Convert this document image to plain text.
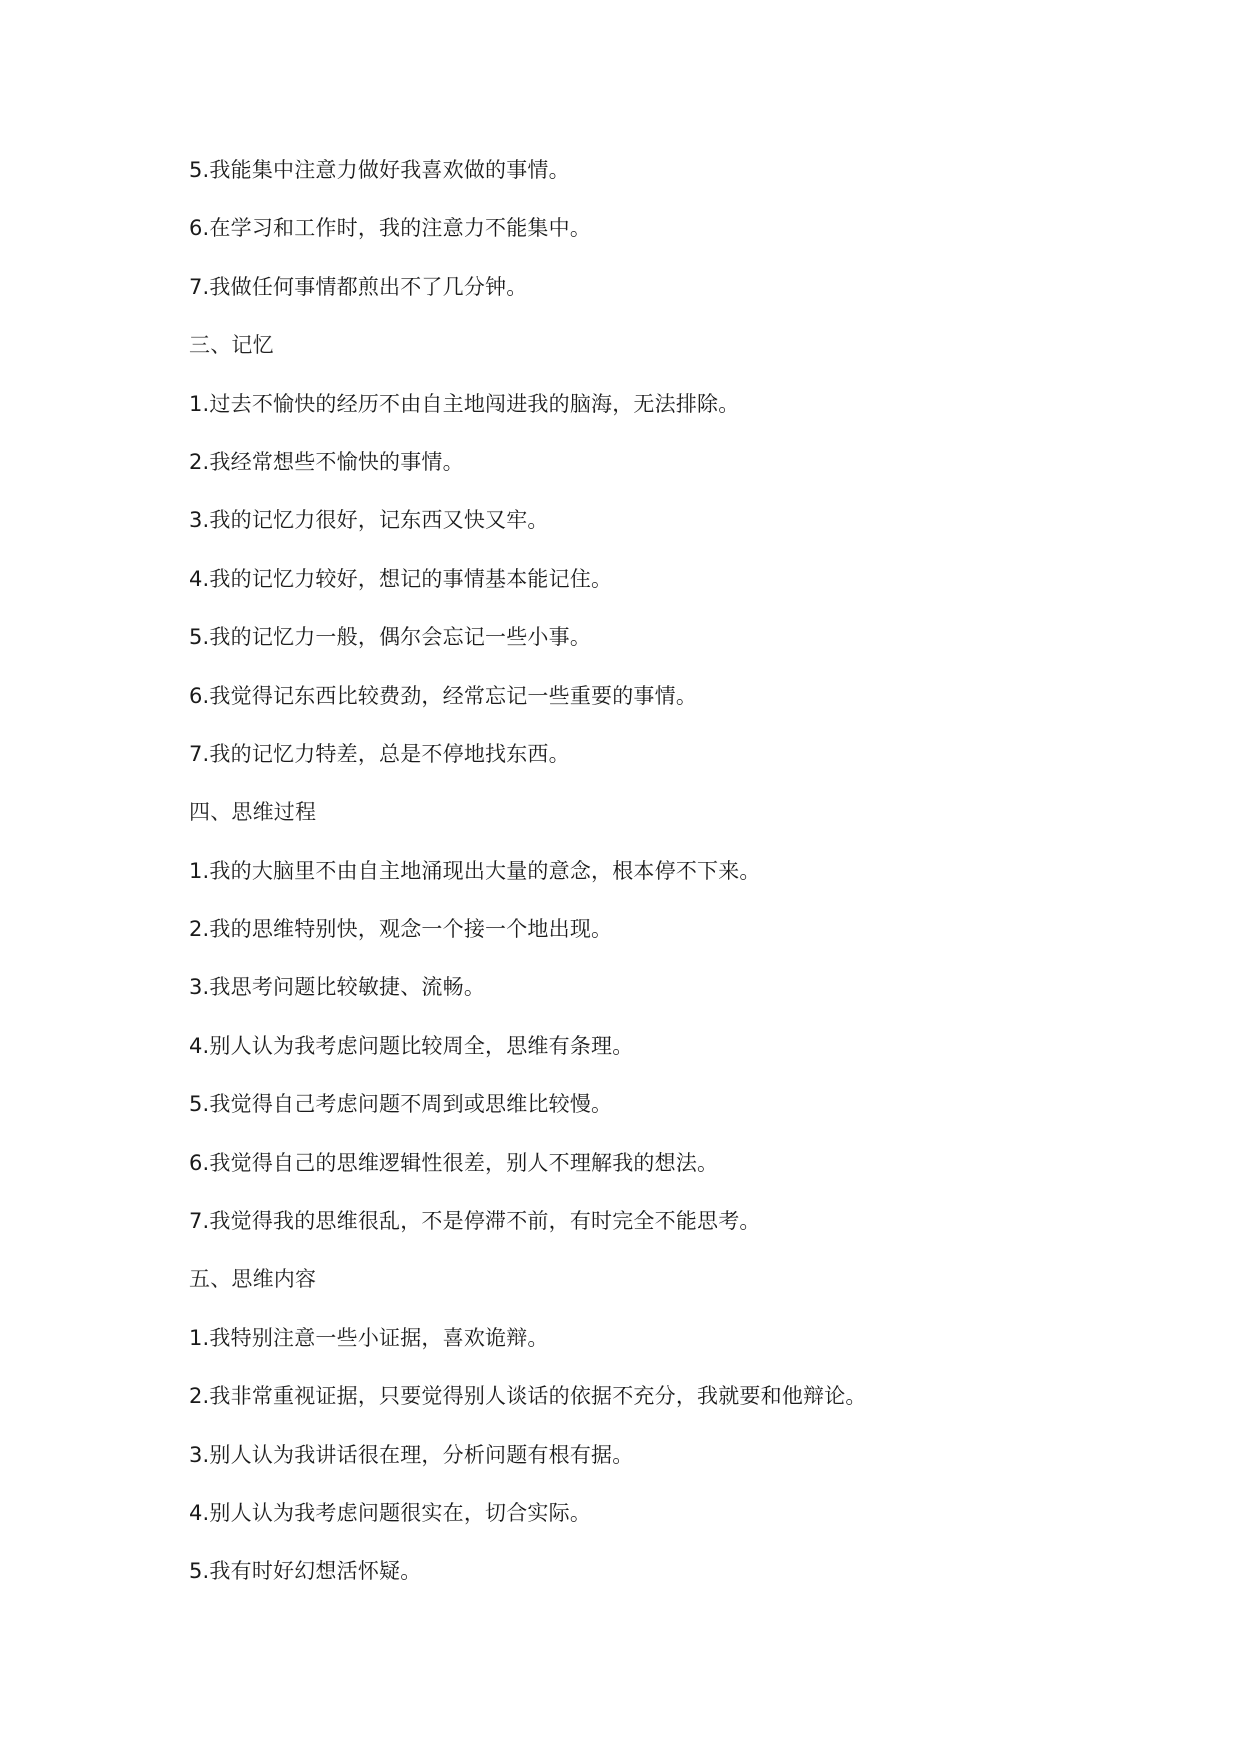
5.我能集中注意力做好我喜欢做的事情。
6.在学习和工作时，我的注意力不能集中。
7.我做任何事情都煎出不了几分钟。
三、记忆
1.过去不愉快的经历不由自主地闯进我的脑海，无法排除。
2.我经常想些不愉快的事情。
3.我的记忆力很好，记东西又快又牢。
4.我的记忆力较好，想记的事情基本能记住。
5.我的记忆力一般，偶尔会忘记一些小事。
6.我觉得记东西比较费劲，经常忘记一些重要的事情。
7.我的记忆力特差，总是不停地找东西。
四、思维过程
1.我的大脑里不由自主地涌现出大量的意念，根本停不下来。
2.我的思维特别快，观念一个接一个地出现。
3.我思考问题比较敏捷、流畅。
4.别人认为我考虑问题比较周全，思维有条理。
5.我觉得自己考虑问题不周到或思维比较慢。
6.我觉得自己的思维逻辑性很差，别人不理解我的想法。
7.我觉得我的思维很乱，不是停滞不前，有时完全不能思考。
五、思维内容
1.我特别注意一些小证据，喜欢诡辩。
2.我非常重视证据，只要觉得别人谈话的依据不充分，我就要和他辩论。
3.别人认为我讲话很在理，分析问题有根有据。
4.别人认为我考虑问题很实在，切合实际。
5.我有时好幻想活怀疑。
